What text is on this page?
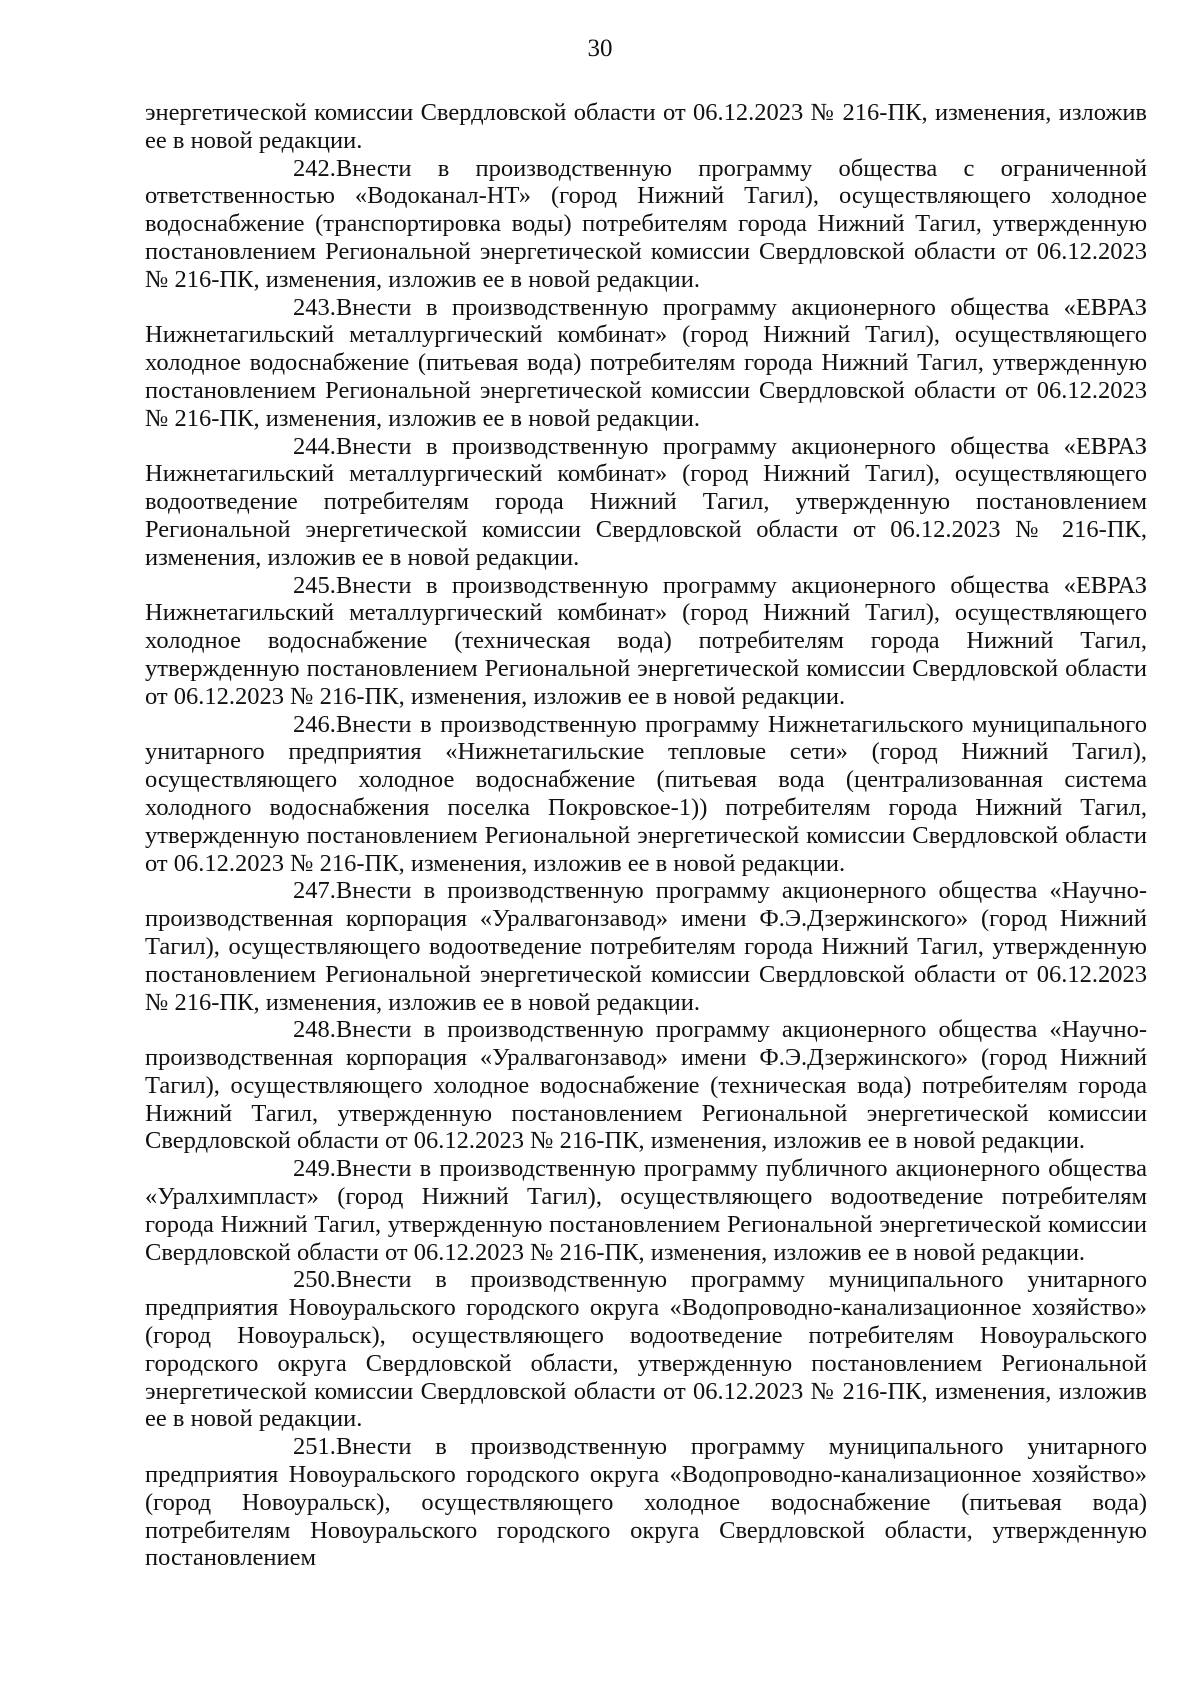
30

энергетической комиссии Свердловской области от 06.12.2023 № 216-ПК, изменения, изложив ее в новой редакции.

242.Внести в производственную программу общества с ограниченной ответственностью «Водоканал-НТ» (город Нижний Тагил), осуществляющего холодное водоснабжение (транспортировка воды) потребителям города Нижний Тагил, утвержденную постановлением Региональной энергетической комиссии Свердловской области от 06.12.2023 № 216-ПК, изменения, изложив ее в новой редакции.

243.Внести в производственную программу акционерного общества «ЕВРАЗ Нижнетагильский металлургический комбинат» (город Нижний Тагил), осуществляющего холодное водоснабжение (питьевая вода) потребителям города Нижний Тагил, утвержденную постановлением Региональной энергетической комиссии Свердловской области от 06.12.2023 № 216-ПК, изменения, изложив ее в новой редакции.

244.Внести в производственную программу акционерного общества «ЕВРАЗ Нижнетагильский металлургический комбинат» (город Нижний Тагил), осуществляющего водоотведение потребителям города Нижний Тагил, утвержденную постановлением Региональной энергетической комиссии Свердловской области от 06.12.2023 № 216-ПК, изменения, изложив ее в новой редакции.

245.Внести в производственную программу акционерного общества «ЕВРАЗ Нижнетагильский металлургический комбинат» (город Нижний Тагил), осуществляющего холодное водоснабжение (техническая вода) потребителям города Нижний Тагил, утвержденную постановлением Региональной энергетической комиссии Свердловской области от 06.12.2023 № 216-ПК, изменения, изложив ее в новой редакции.

246.Внести в производственную программу Нижнетагильского муниципального унитарного предприятия «Нижнетагильские тепловые сети» (город Нижний Тагил), осуществляющего холодное водоснабжение (питьевая вода (централизованная система холодного водоснабжения поселка Покровское-1)) потребителям города Нижний Тагил, утвержденную постановлением Региональной энергетической комиссии Свердловской области от 06.12.2023 № 216-ПК, изменения, изложив ее в новой редакции.

247.Внести в производственную программу акционерного общества «Научно-производственная корпорация «Уралвагонзавод» имени Ф.Э.Дзержинского» (город Нижний Тагил), осуществляющего водоотведение потребителям города Нижний Тагил, утвержденную постановлением Региональной энергетической комиссии Свердловской области от 06.12.2023 № 216-ПК, изменения, изложив ее в новой редакции.

248.Внести в производственную программу акционерного общества «Научно-производственная корпорация «Уралвагонзавод» имени Ф.Э.Дзержинского» (город Нижний Тагил), осуществляющего холодное водоснабжение (техническая вода) потребителям города Нижний Тагил, утвержденную постановлением Региональной энергетической комиссии Свердловской области от 06.12.2023 № 216-ПК, изменения, изложив ее в новой редакции.

249.Внести в производственную программу публичного акционерного общества «Уралхимпласт» (город Нижний Тагил), осуществляющего водоотведение потребителям города Нижний Тагил, утвержденную постановлением Региональной энергетической комиссии Свердловской области от 06.12.2023 № 216-ПК, изменения, изложив ее в новой редакции.

250.Внести в производственную программу муниципального унитарного предприятия Новоуральского городского округа «Водопроводно-канализационное хозяйство» (город Новоуральск), осуществляющего водоотведение потребителям Новоуральского городского округа Свердловской области, утвержденную постановлением Региональной энергетической комиссии Свердловской области от 06.12.2023 № 216-ПК, изменения, изложив ее в новой редакции.

251.Внести в производственную программу муниципального унитарного предприятия Новоуральского городского округа «Водопроводно-канализационное хозяйство» (город Новоуральск), осуществляющего холодное водоснабжение (питьевая вода) потребителям Новоуральского городского округа Свердловской области, утвержденную постановлением
